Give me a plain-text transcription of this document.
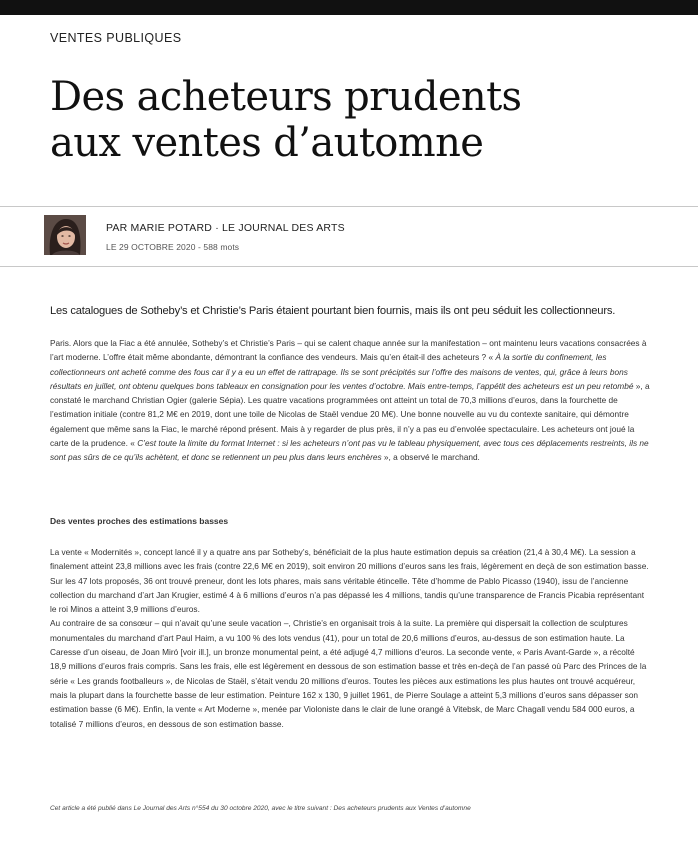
VENTES PUBLIQUES
Des acheteurs prudents
aux ventes d’automne
PAR MARIE POTARD · LE JOURNAL DES ARTS
LE 29 OCTOBRE 2020 - 588 mots
Les catalogues de Sotheby’s et Christie’s Paris étaient pourtant bien fournis, mais ils ont peu séduit les collectionneurs.

Paris. Alors que la Fiac a été annulée, Sotheby’s et Christie’s Paris – qui se calent chaque année sur la manifestation – ont maintenu leurs vacations consacrées à l’art moderne. L’offre était même abondante, démontrant la confiance des vendeurs. Mais qu’en était-il des acheteurs ? « À la sortie du confinement, les collectionneurs ont acheté comme des fous car il y a eu un effet de rattrapage. Ils se sont précipités sur l’offre des maisons de ventes, qui, grâce à leurs bons résultats en juillet, ont obtenu quelques bons tableaux en consignation pour les ventes d’octobre. Mais entre-temps, l’appétit des acheteurs est un peu retombé », a constaté le marchand Christian Ogier (galerie Sépia). Les quatre vacations programmées ont atteint un total de 70,3 millions d’euros, dans la fourchette de l’estimation initiale (contre 81,2 M€ en 2019, dont une toile de Nicolas de Staël vendue 20 M€). Une bonne nouvelle au vu du contexte sanitaire, qui démontre également que même sans la Fiac, le marché répond présent. Mais à y regarder de plus près, il n’y a pas eu d’envolée spectaculaire. Les acheteurs ont joué la carte de la prudence. « C’est toute la limite du format Internet : si les acheteurs n’ont pas vu le tableau physiquement, avec tous ces déplacements restreints, ils ne sont pas sûrs de ce qu’ils achètent, et donc se retiennent un peu plus dans leurs enchères », a observé le marchand.

Des ventes proches des estimations basses

La vente « Modernités », concept lancé il y a quatre ans par Sotheby’s, bénéficiait de la plus haute estimation depuis sa création (21,4 à 30,4 M€). La session a finalement atteint 23,8 millions avec les frais (contre 22,6 M€ en 2019), soit environ 20 millions d’euros sans les frais, légèrement en deçà de son estimation basse. Sur les 47 lots proposés, 36 ont trouvé preneur, dont les lots phares, mais sans véritable étincelle. Tête d’homme de Pablo Picasso (1940), issu de l’ancienne collection du marchand d’art Jan Krugier, estimé 4 à 6 millions d’euros n’a pas dépassé les 4 millions, tandis qu’une transparence de Francis Picabia représentant le roi Minos a atteint 3,9 millions d’euros.

Au contraire de sa consœur – qui n’avait qu’une seule vacation –, Christie’s en organisait trois à la suite. La première qui dispersait la collection de sculptures monumentales du marchand d’art Paul Haim, a vu 100 % des lots vendus (41), pour un total de 20,6 millions d’euros, au-dessus de son estimation haute. La Caresse d’un oiseau, de Joan Miró [voir ill.], un bronze monumental peint, a été adjugé 4,7 millions d’euros. La seconde vente, « Paris Avant-Garde », a récolté 18,9 millions d’euros frais compris. Sans les frais, elle est légèrement en dessous de son estimation basse et très en-deçà de l’an passé où Parc des Princes de la série « Les grands footballeurs », de Nicolas de Staël, s’était vendu 20 millions d’euros. Toutes les pièces aux estimations les plus hautes ont trouvé acquéreur, mais la plupart dans la fourchette basse de leur estimation. Peinture 162 x 130, 9 juillet 1961, de Pierre Soulage a atteint 5,3 millions d’euros sans dépasser son estimation basse (6 M€). Enfin, la vente « Art Moderne », menée par Violoniste dans le clair de lune orangé à Vitebsk, de Marc Chagall vendu 584 000 euros, a totalisé 7 millions d’euros, en dessous de son estimation basse.

Cet article a été publié dans Le Journal des Arts n°554 du 30 octobre 2020, avec le titre suivant : Des acheteurs prudents aux Ventes d’automne
